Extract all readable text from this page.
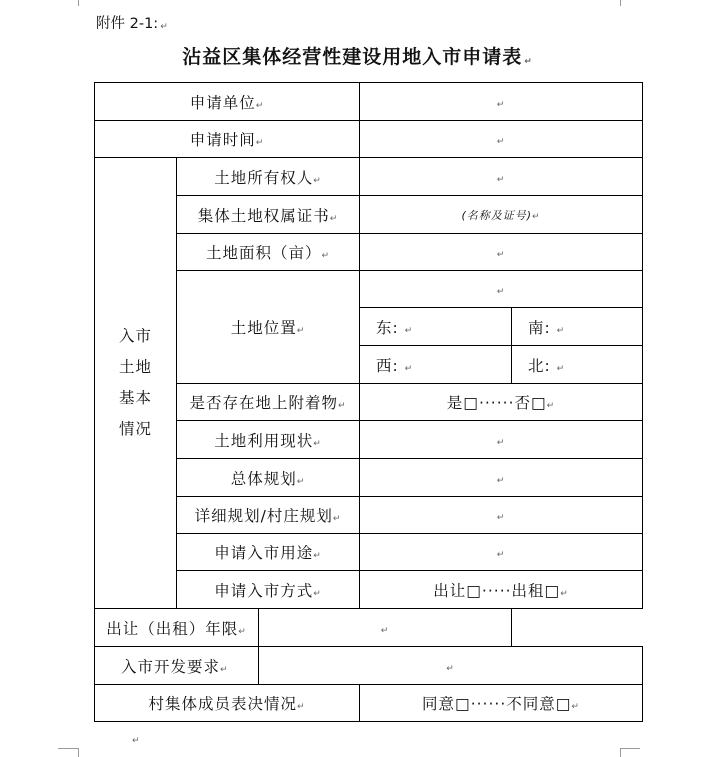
附件 2-1: ↵
沾益区集体经营性建设用地入市申请表 ↵
申请单位↵			↵	
申请时间↵			↵	

入市
土地
基本
情况	土地所有权人↵		↵	
	集体土地权属证书↵		(名称及证号)↵	
	土地面积（亩）↵		↵	
	土地位置↵		↵	
			东: ↵	南: ↵
			西: ↵	北: ↵
	是否存在地上附着物↵		是□······否□↵	
	土地利用现状↵		↵	
	总体规划↵		↵	
	详细规划/村庄规划↵		↵	
	申请入市用途↵		↵	
	申请入市方式↵		出让□·····出租□↵	
出让（出租）年限↵		↵		
入市开发要求↵		↵		
村集体成员表决情况↵			同意□······不同意□↵	
↵
